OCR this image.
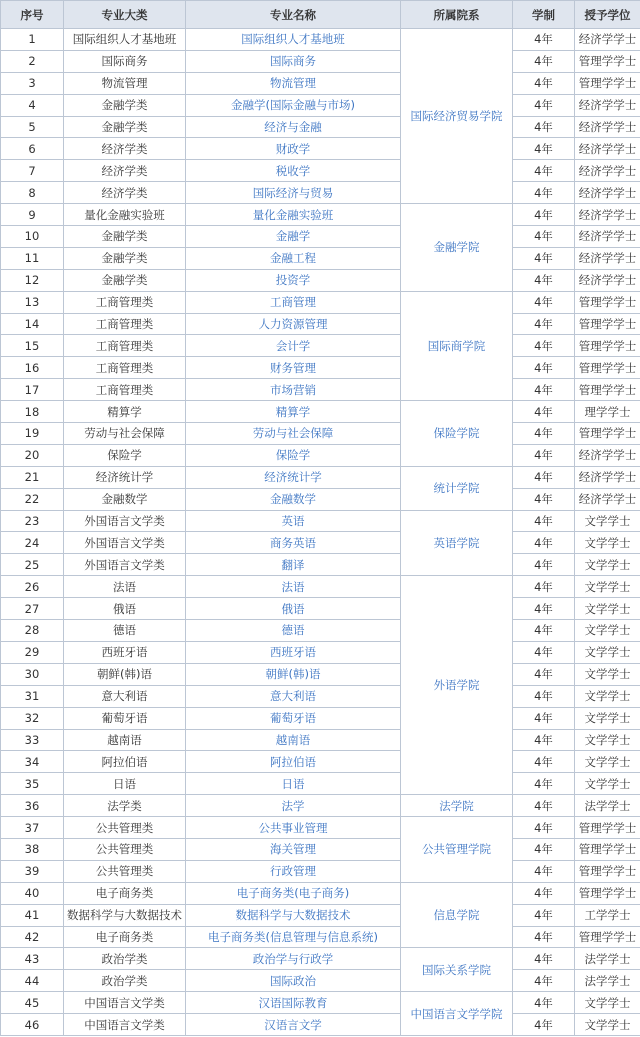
序号	专业大类	专业名称	所属院系	学制	授予学位
1	国际组织人才基地班	国际组织人才基地班	国际经济贸易学院	4年	经济学学士
2	国际商务	国际商务		4年	管理学学士
3	物流管理	物流管理		4年	管理学学士
4	金融学类	金融学(国际金融与市场)		4年	经济学学士
5	金融学类	经济与金融		4年	经济学学士
6	经济学类	财政学		4年	经济学学士
7	经济学类	税收学		4年	经济学学士
8	经济学类	国际经济与贸易		4年	经济学学士
9	量化金融实验班	量化金融实验班	金融学院	4年	经济学学士
10	金融学类	金融学		4年	经济学学士
11	金融学类	金融工程		4年	经济学学士
12	金融学类	投资学		4年	经济学学士
13	工商管理类	工商管理	国际商学院	4年	管理学学士
14	工商管理类	人力资源管理		4年	管理学学士
15	工商管理类	会计学		4年	管理学学士
16	工商管理类	财务管理		4年	管理学学士
17	工商管理类	市场营销		4年	管理学学士
18	精算学	精算学	保险学院	4年	理学学士
19	劳动与社会保障	劳动与社会保障		4年	管理学学士
20	保险学	保险学		4年	经济学学士
21	经济统计学	经济统计学	统计学院	4年	经济学学士
22	金融数学	金融数学		4年	经济学学士
23	外国语言文学类	英语	英语学院	4年	文学学士
24	外国语言文学类	商务英语		4年	文学学士
25	外国语言文学类	翻译		4年	文学学士
26	法语	法语	外语学院	4年	文学学士
27	俄语	俄语		4年	文学学士
28	德语	德语		4年	文学学士
29	西班牙语	西班牙语		4年	文学学士
30	朝鲜(韩)语	朝鲜(韩)语		4年	文学学士
31	意大利语	意大利语		4年	文学学士
32	葡萄牙语	葡萄牙语		4年	文学学士
33	越南语	越南语		4年	文学学士
34	阿拉伯语	阿拉伯语		4年	文学学士
35	日语	日语		4年	文学学士
36	法学类	法学	法学院	4年	法学学士
37	公共管理类	公共事业管理	公共管理学院	4年	管理学学士
38	公共管理类	海关管理		4年	管理学学士
39	公共管理类	行政管理		4年	管理学学士
40	电子商务类	电子商务类(电子商务)	信息学院	4年	管理学学士
41	数据科学与大数据技术	数据科学与大数据技术		4年	工学学士
42	电子商务类	电子商务类(信息管理与信息系统)		4年	管理学学士
43	政治学类	政治学与行政学	国际关系学院	4年	法学学士
44	政治学类	国际政治		4年	法学学士
45	中国语言文学类	汉语国际教育	中国语言文学学院	4年	文学学士
46	中国语言文学类	汉语言文学		4年	文学学士
